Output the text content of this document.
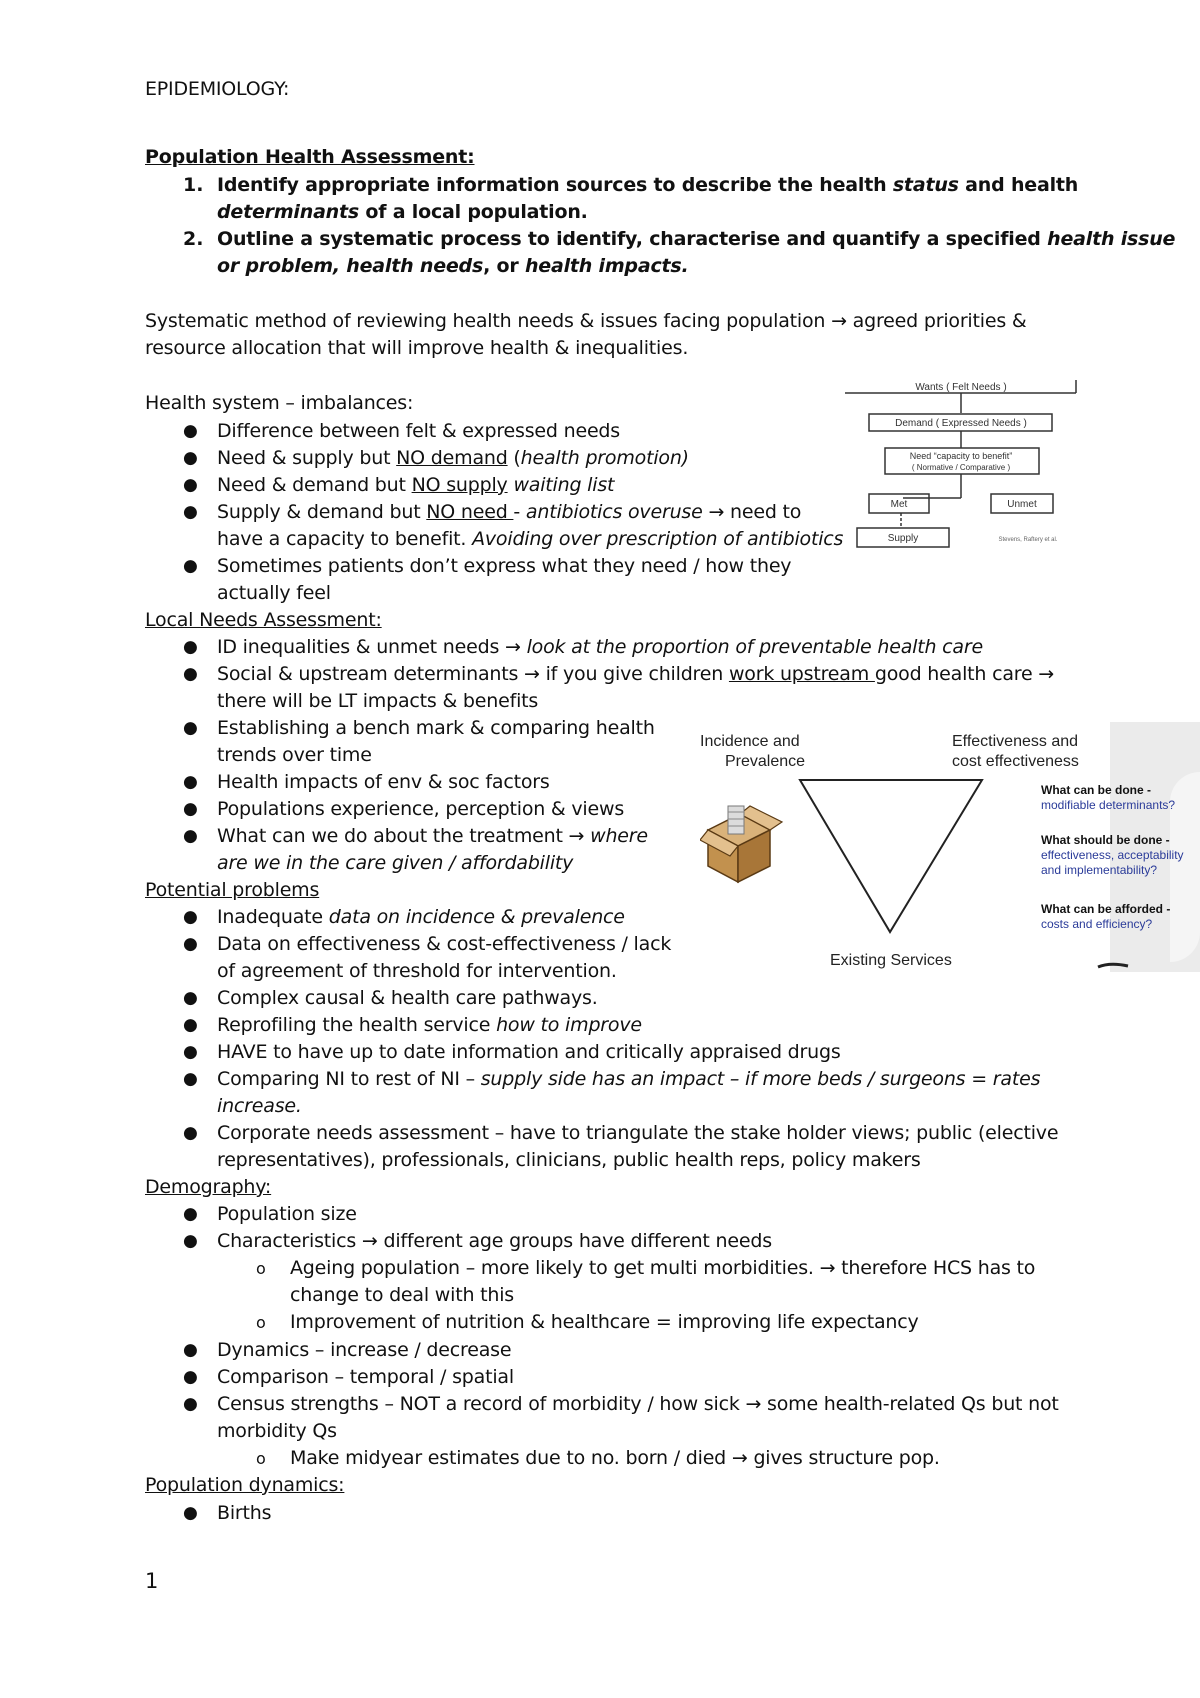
EPIDEMIOLOGY:
Population Health Assessment:
1. Identify appropriate information sources to describe the health status and health
determinants of a local population.
2. Outline a systematic process to identify, characterise and quantify a specified health issue
or problem, health needs, or health impacts.
Systematic method of reviewing health needs & issues facing population → agreed priorities &
resource allocation that will improve health & inequalities.
Health system – imbalances:
● Difference between felt & expressed needs
● Need & supply but NO demand (health promotion)
● Need & demand but NO supply waiting list
● Supply & demand but NO need - antibiotics overuse → need to
have a capacity to benefit. Avoiding over prescription of antibiotics
● Sometimes patients don’t express what they need / how they
actually feel
Wants ( Felt Needs )
Demand ( Expressed Needs )
Need “capacity to benefit”
( Normative / Comparative )
Met	Unmet
Supply	Stevens, Raftery et al.
Local Needs Assessment:
● ID inequalities & unmet needs → look at the proportion of preventable health care
● Social & upstream determinants → if you give children work upstream good health care →
there will be LT impacts & benefits
● Establishing a bench mark & comparing health
trends over time
● Health impacts of env & soc factors
● Populations experience, perception & views
● What can we do about the treatment → where
are we in the care given / affordability
Incidence and
Prevalence
Effectiveness and
cost effectiveness
Existing Services
What can be done -
modifiable determinants?
What should be done -
effectiveness, acceptability
and implementability?
What can be afforded -
costs and efficiency?
Potential problems
● Inadequate data on incidence & prevalence
● Data on effectiveness & cost-effectiveness / lack
of agreement of threshold for intervention.
● Complex causal & health care pathways.
● Reprofiling the health service how to improve
● HAVE to have up to date information and critically appraised drugs
● Comparing NI to rest of NI – supply side has an impact – if more beds / surgeons = rates
increase.
● Corporate needs assessment – have to triangulate the stake holder views; public (elective
representatives), professionals, clinicians, public health reps, policy makers
Demography:
● Population size
● Characteristics → different age groups have different needs
o Ageing population – more likely to get multi morbidities. → therefore HCS has to
change to deal with this
o Improvement of nutrition & healthcare = improving life expectancy
● Dynamics – increase / decrease
● Comparison – temporal / spatial
● Census strengths – NOT a record of morbidity / how sick → some health-related Qs but not
morbidity Qs
o Make midyear estimates due to no. born / died → gives structure pop.
Population dynamics:
● Births
1
